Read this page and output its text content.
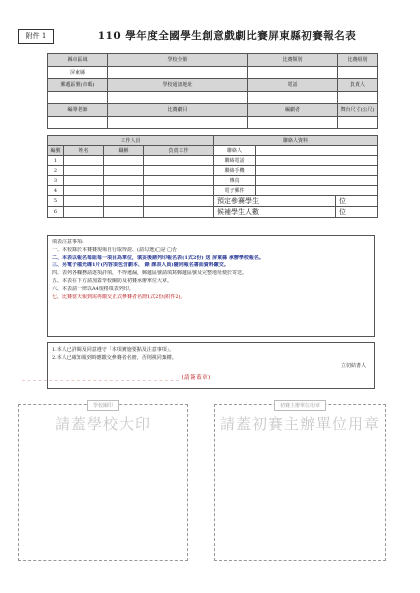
附件 1	110 學年度全國學生創意戲劇比賽屏東縣初賽報名表
縣市區域	學校全銜	比賽類別	比賽組別
屏東縣			
郵遞區號(市碼)	學校通訊地址	電話	負責人

編導老師	比賽劇目	編劇者	舞台尺寸(公尺)

工作人員				聯絡人資料		
編號	姓名	職稱	負責工作	聯絡人		
1				聯絡電話		
2				聯絡手機		
3				傳真		
4				電子郵件		
5				預定參賽學生		位
6				候補學生人數		位
填表注意事項:
一、本校錄於本賽賽現場自行取得證、(請勾選)□是 □否
二、本表以報名每組每一項目為單位，填妥後請列印報名表(1式2份) 送 屏東縣 承辦學校報名。
三、另電子檔光碟1片(內容須包含劇本、 錄 課表人員)隨同報名書面資料繳交。
四、表列各欄務請逐項詳填，不得遺漏，郵遞區號請填寫郵遞區號及完整地址便於寄送。
五、本表在下方請加蓋學校關防及初賽承辦單位大章。
六、本表請一律以A4規格填表列印。
七、比賽當天報到需再繳交正式參賽者名冊1式2份(附件2)。
1.本人已詳閱及同意遵守「本項實施要點及注意事項」。
2.本人已確知報到時應繳交參賽者名冊，否則視同棄權。
立切結書人
_ _ _ _ _ _ _ _ _ _ _ _ _ _ _ _ _ _ _ _ _ _ _ _ _ _ _ _ _ (請簽蓋章)
學校關印
請蓋學校大印
初賽主辦單位用章
請蓋初賽主辦單位用章
